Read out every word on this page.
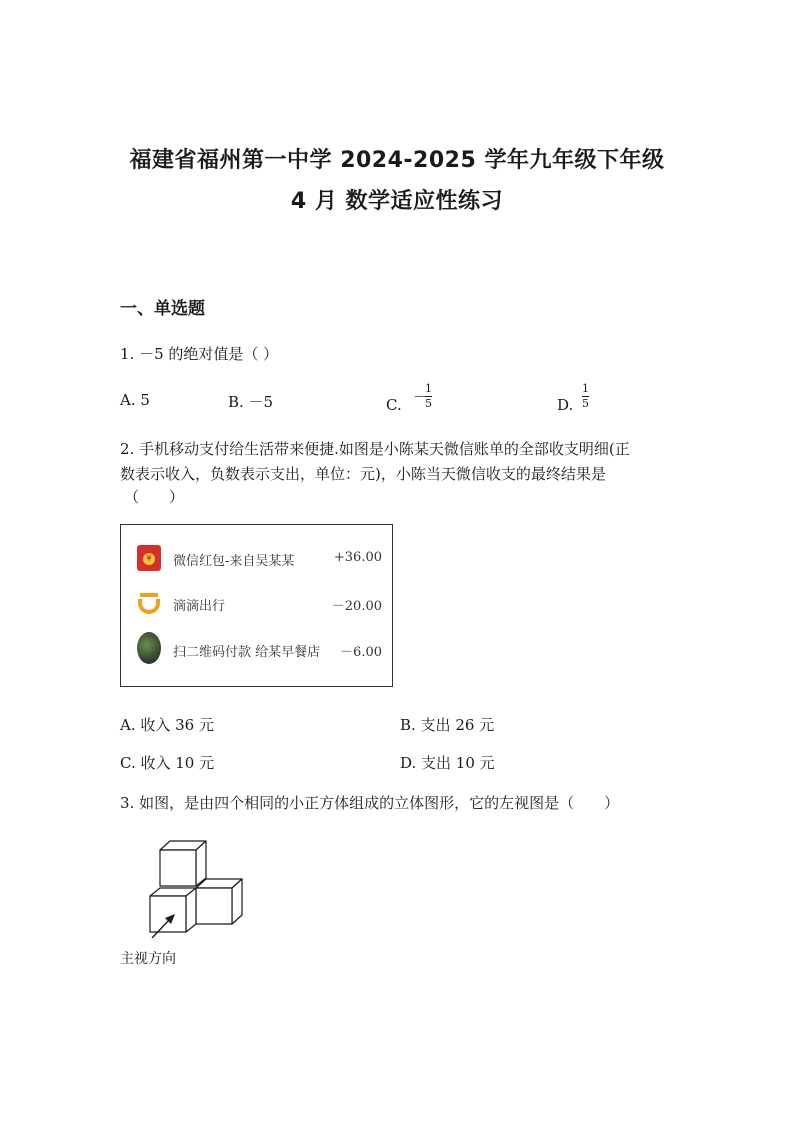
福建省福州第一中学 2024-2025 学年九年级下年级
4 月 数学适应性练习
一、单选题
1. －5 的绝对值是（ ）
A. 5	B. －5	C. －
1
5	D.
1
5
2. 手机移动支付给生活带来便捷.如图是小陈某天微信账单的全部收支明细(正
数表示收入，负数表示支出，单位：元)，小陈当天微信收支的最终结果是
（　　）
¥ 微信红包-来自吴某某	+36.00
滴滴出行	－20.00
扫二维码付款 给某早餐店 －6.00
A. 收入 36 元	B. 支出 26 元
C. 收入 10 元	D. 支出 10 元
3. 如图，是由四个相同的小正方体组成的立体图形，它的左视图是（　　）
主视方向
